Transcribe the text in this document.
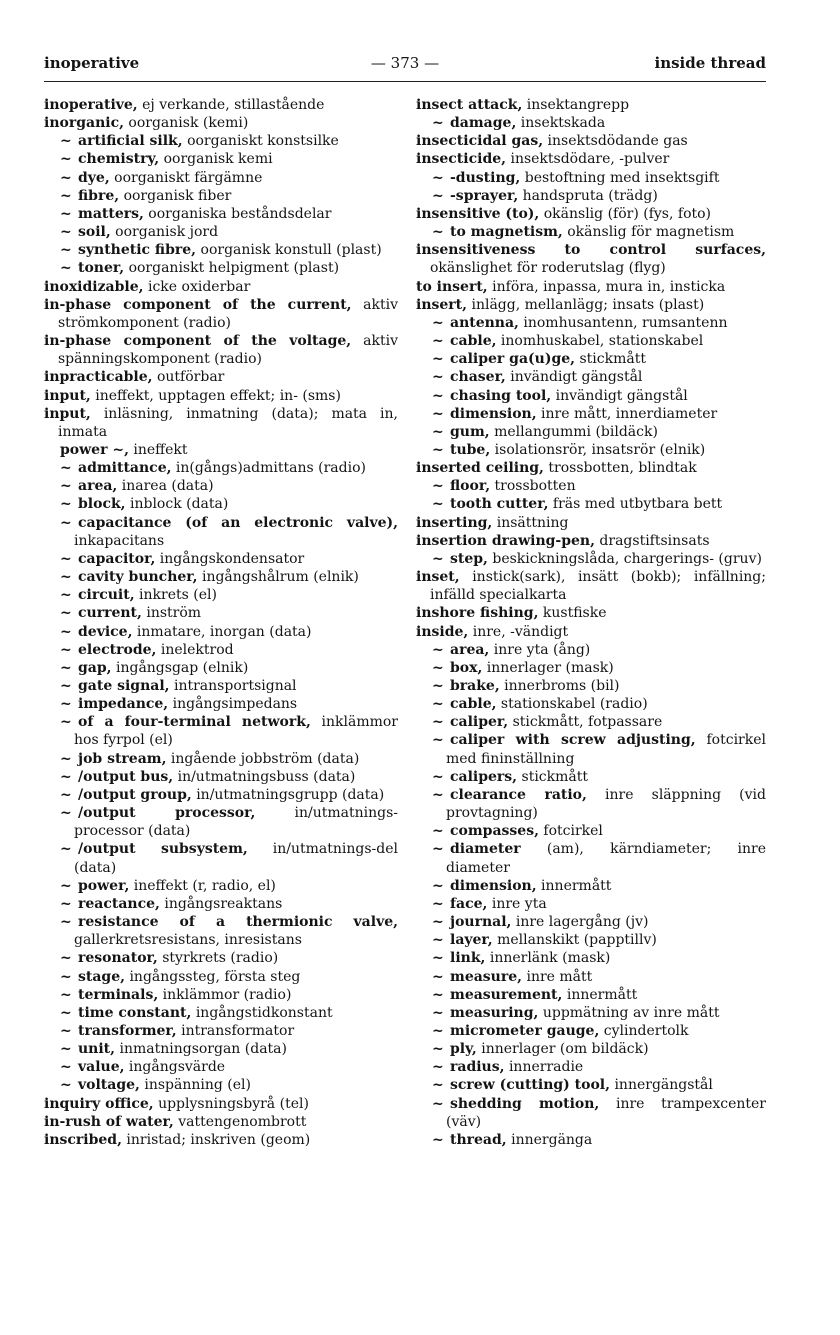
inoperative	— 373 —	inside thread
inoperative, ej verkande, stillastående
inorganic, oorganisk (kemi)
~ artificial silk, oorganiskt konstsilke
~ chemistry, oorganisk kemi
~ dye, oorganiskt färgämne
~ fibre, oorganisk fiber
~ matters, oorganiska beståndsdelar
~ soil, oorganisk jord
~ synthetic fibre, oorganisk konstull (plast)
~ toner, oorganiskt helpigment (plast)
inoxidizable, icke oxiderbar
in-phase component of the current, aktiv strömkomponent (radio)
in-phase component of the voltage, aktiv spänningskomponent (radio)
inpracticable, outförbar
input, ineffekt, upptagen effekt; in- (sms)
input, inläsning, inmatning (data); mata in, inmata
power ~, ineffekt
~ admittance, in(gångs)admittans (radio)
~ area, inarea (data)
~ block, inblock (data)
~ capacitance (of an electronic valve), inkapacitans
~ capacitor, ingångskondensator
~ cavity buncher, ingångshålrum (elnik)
~ circuit, inkrets (el)
~ current, inström
~ device, inmatare, inorgan (data)
~ electrode, inelektrod
~ gap, ingångsgap (elnik)
~ gate signal, intransportsignal
~ impedance, ingångsimpedans
~ of a four-terminal network, inklämmor hos fyrpol (el)
~ job stream, ingående jobbström (data)
~ /output bus, in/utmatningsbuss (data)
~ /output group, in/utmatningsgrupp (data)
~ /output processor, in/utmatnings-processor (data)
~ /output subsystem, in/utmatnings-del (data)
~ power, ineffekt (r, radio, el)
~ reactance, ingångsreaktans
~ resistance of a thermionic valve, gallerkretsresistans, inresistans
~ resonator, styrkrets (radio)
~ stage, ingångssteg, första steg
~ terminals, inklämmor (radio)
~ time constant, ingångstidkonstant
~ transformer, intransformator
~ unit, inmatningsorgan (data)
~ value, ingångsvärde
~ voltage, inspänning (el)
inquiry office, upplysningsbyrå (tel)
in-rush of water, vattengenombrott
inscribed, inristad; inskriven (geom)
insect attack, insektangrepp
~ damage, insektskada
insecticidal gas, insektsdödande gas
insecticide, insektsdödare, -pulver
~ -dusting, bestoftning med insektsgift
~ -sprayer, handspruta (trädg)
insensitive (to), okänslig (för) (fys, foto)
~ to magnetism, okänslig för magnetism
insensitiveness to control surfaces, okänslighet för roderutslag (flyg)
to insert, införa, inpassa, mura in, insticka
insert, inlägg, mellanlägg; insats (plast)
~ antenna, inomhusantenn, rumsantenn
~ cable, inomhuskabel, stationskabel
~ caliper ga(u)ge, stickmått
~ chaser, invändigt gängstål
~ chasing tool, invändigt gängstål
~ dimension, inre mått, innerdiameter
~ gum, mellangummi (bildäck)
~ tube, isolationsrör, insatsrör (elnik)
inserted ceiling, trossbotten, blindtak
~ floor, trossbotten
~ tooth cutter, fräs med utbytbara bett
inserting, insättning
insertion drawing-pen, dragstiftsinsats
~ step, beskickningslåda, chargerings- (gruv)
inset, instick(sark), insätt (bokb); infällning; infälld specialkarta
inshore fishing, kustfiske
inside, inre, -vändigt
~ area, inre yta (ång)
~ box, innerlager (mask)
~ brake, innerbroms (bil)
~ cable, stationskabel (radio)
~ caliper, stickmått, fotpassare
~ caliper with screw adjusting, fotcirkel med fininställning
~ calipers, stickmått
~ clearance ratio, inre släppning (vid provtagning)
~ compasses, fotcirkel
~ diameter (am), kärndiameter; inre diameter
~ dimension, innermått
~ face, inre yta
~ journal, inre lagergång (jv)
~ layer, mellanskikt (papptillv)
~ link, innerlänk (mask)
~ measure, inre mått
~ measurement, innermått
~ measuring, uppmätning av inre mått
~ micrometer gauge, cylindertolk
~ ply, innerlager (om bildäck)
~ radius, innerradie
~ screw (cutting) tool, innergängstål
~ shedding motion, inre trampexcenter (väv)
~ thread, innergänga
